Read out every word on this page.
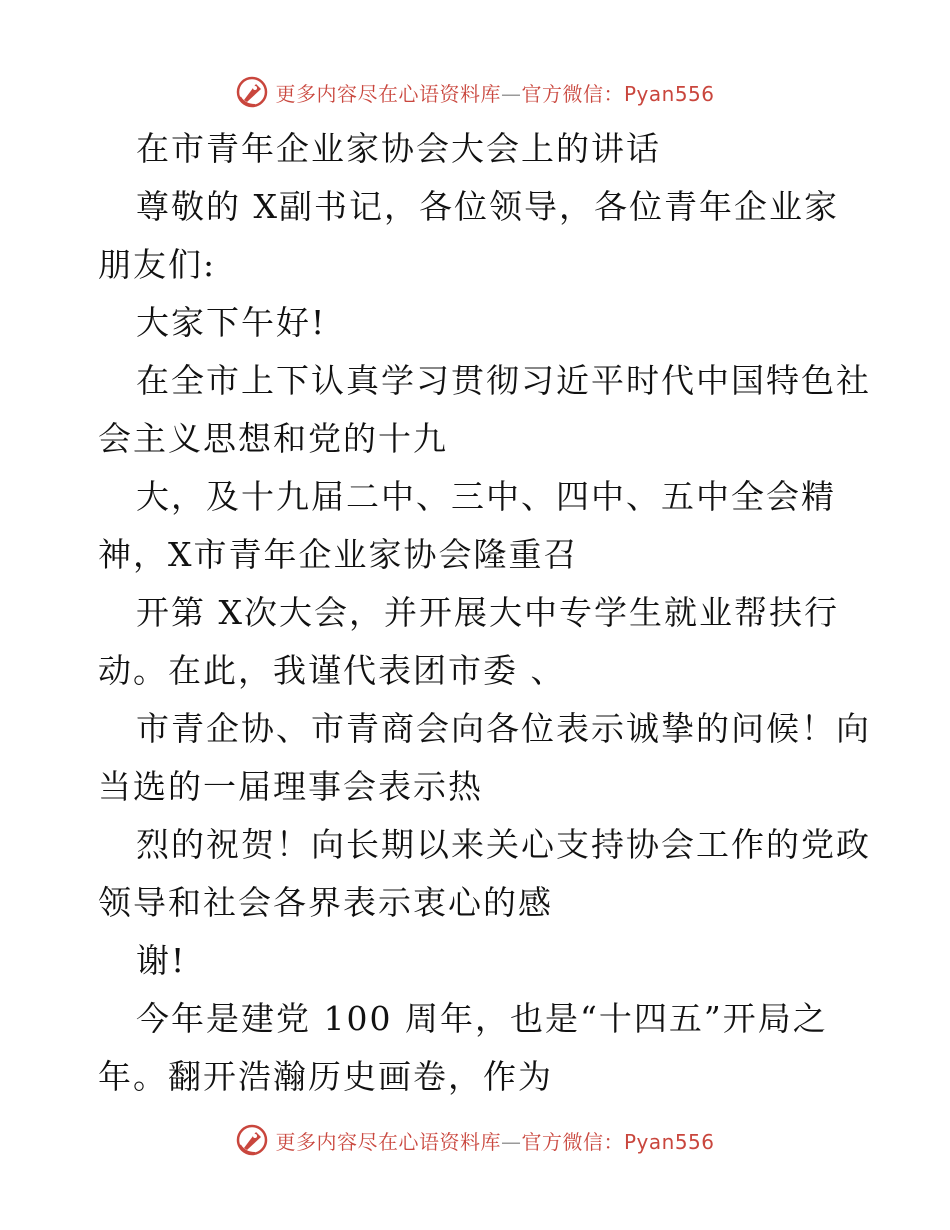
更多内容尽在心语资料库—官方微信：Pyan556
在市青年企业家协会大会上的讲话
尊敬的 X副书记，各位领导，各位青年企业家
朋友们:
大家下午好!
在全市上下认真学习贯彻习近平时代中国特色社
会主义思想和党的十九
大，及十九届二中、三中、四中、五中全会精
神，X市青年企业家协会隆重召
开第 X次大会，并开展大中专学生就业帮扶行
动。在此，我谨代表团市委 、
市青企协、市青商会向各位表示诚挚的问候！向
当选的一届理事会表示热
烈的祝贺！向长期以来关心支持协会工作的党政
领导和社会各界表示衷心的感
谢!
今年是建党 100 周年，也是“十四五”开局之
年。翻开浩瀚历史画卷，作为
更多内容尽在心语资料库—官方微信：Pyan556
